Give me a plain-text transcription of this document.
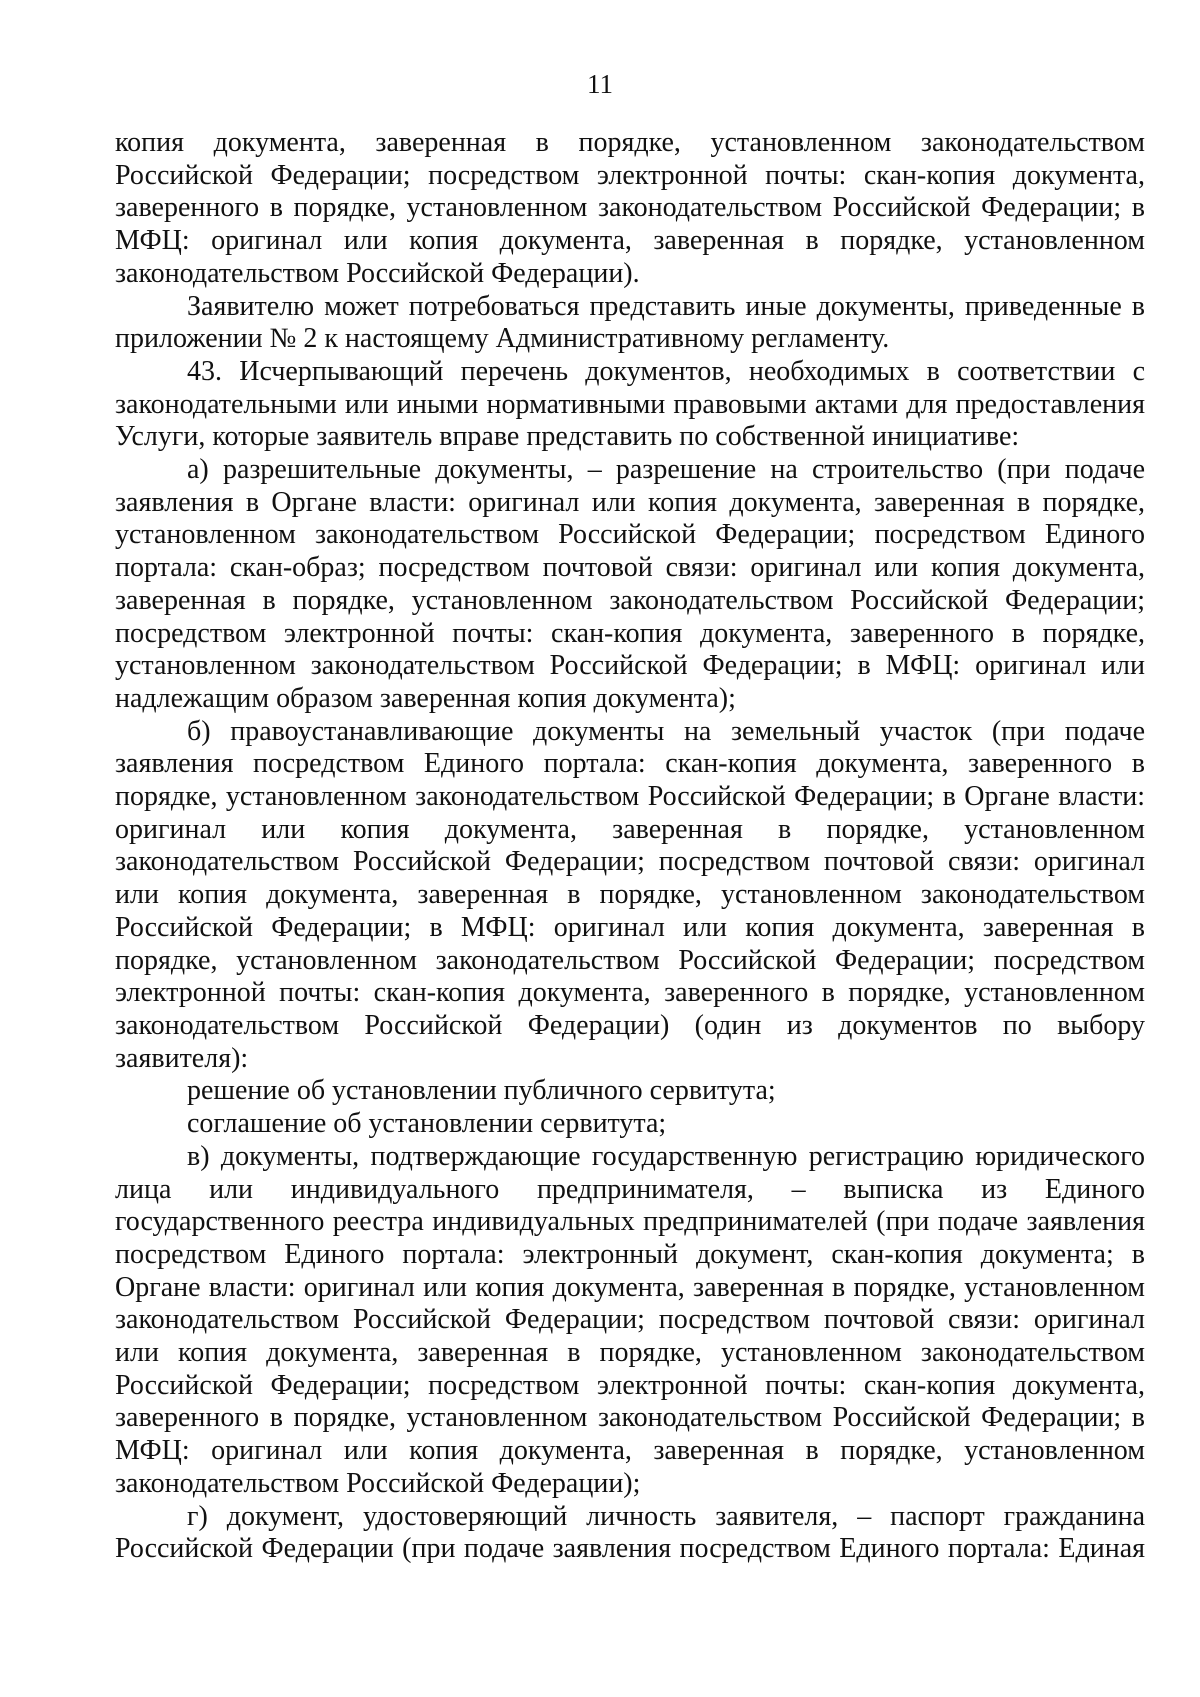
11

копия документа, заверенная в порядке, установленном законодательством Российской Федерации; посредством электронной почты: скан-копия документа, заверенного в порядке, установленном законодательством Российской Федерации; в МФЦ: оригинал или копия документа, заверенная в порядке, установленном законодательством Российской Федерации).

Заявителю может потребоваться представить иные документы, приведенные в приложении № 2 к настоящему Административному регламенту.

43. Исчерпывающий перечень документов, необходимых в соответствии с законодательными или иными нормативными правовыми актами для предоставления Услуги, которые заявитель вправе представить по собственной инициативе:

а) разрешительные документы, – разрешение на строительство (при подаче заявления в Органе власти: оригинал или копия документа, заверенная в порядке, установленном законодательством Российской Федерации; посредством Единого портала: скан-образ; посредством почтовой связи: оригинал или копия документа, заверенная в порядке, установленном законодательством Российской Федерации; посредством электронной почты: скан-копия документа, заверенного в порядке, установленном законодательством Российской Федерации; в МФЦ: оригинал или надлежащим образом заверенная копия документа);

б) правоустанавливающие документы на земельный участок (при подаче заявления посредством Единого портала: скан-копия документа, заверенного в порядке, установленном законодательством Российской Федерации; в Органе власти: оригинал или копия документа, заверенная в порядке, установленном законодательством Российской Федерации; посредством почтовой связи: оригинал или копия документа, заверенная в порядке, установленном законодательством Российской Федерации; в МФЦ: оригинал или копия документа, заверенная в порядке, установленном законодательством Российской Федерации; посредством электронной почты: скан-копия документа, заверенного в порядке, установленном законодательством Российской Федерации) (один из документов по выбору заявителя):

решение об установлении публичного сервитута;

соглашение об установлении сервитута;

в) документы, подтверждающие государственную регистрацию юридического лица или индивидуального предпринимателя, – выписка из Единого государственного реестра индивидуальных предпринимателей (при подаче заявления посредством Единого портала: электронный документ, скан-копия документа; в Органе власти: оригинал или копия документа, заверенная в порядке, установленном законодательством Российской Федерации; посредством почтовой связи: оригинал или копия документа, заверенная в порядке, установленном законодательством Российской Федерации; посредством электронной почты: скан-копия документа, заверенного в порядке, установленном законодательством Российской Федерации; в МФЦ: оригинал или копия документа, заверенная в порядке, установленном законодательством Российской Федерации);

г) документ, удостоверяющий личность заявителя, – паспорт гражданина Российской Федерации (при подаче заявления посредством Единого портала: Единая
